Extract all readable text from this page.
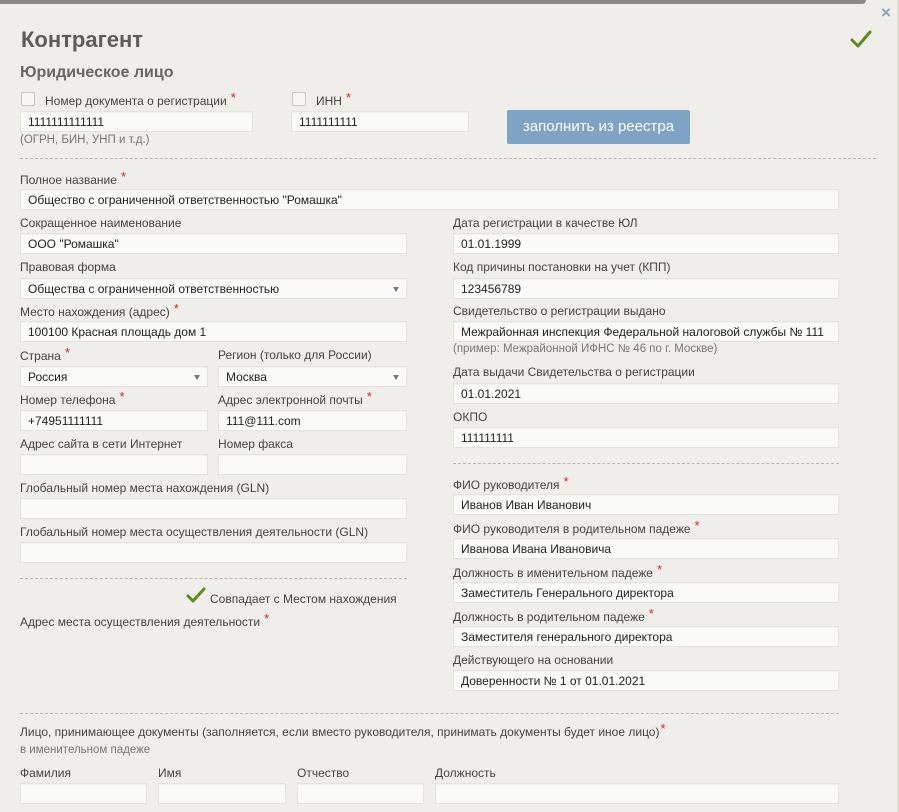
×
Контрагент
Юридическое лицо
Номер документа о регистрации *
1111111111111
(ОГРН, БИН, УНП и т.д.)
ИНН *
1111111111	заполнить из реестра
Полное название *
Общество с ограниченной ответственностью "Ромашка"
Сокращенное наименование
ООО "Ромашка"
Правовая форма
Общества с ограниченной ответственностью
Место нахождения (адрес) *
100100 Красная площадь дом 1
Страна *
Россия
Регион (только для России)
Москва
Номер телефона *
+74951111111
Адрес электронной почты *
111@111.com
Адрес сайта в сети Интернет	Номер факса
Глобальный номер места нахождения (GLN)
Глобальный номер места осуществления деятельности (GLN)
Совпадает с Местом нахождения
Адрес места осуществления деятельности *
Дата регистрации в качестве ЮЛ
01.01.1999
Код причины постановки на учет (КПП)
123456789
Свидетельство о регистрации выдано
Межрайонная инспекция Федеральной налоговой службы № 111
(пример: Межрайонной ИФНС № 46 по г. Москве)
Дата выдачи Свидетельства о регистрации
01.01.2021
ОКПО
111111111
ФИО руководителя *
Иванов Иван Иванович
ФИО руководителя в родительном падеже *
Иванова Ивана Ивановича
Должность в именительном падеже *
Заместитель Генерального директора
Должность в родительном падеже *
Заместителя генерального директора
Действующего на основании
Доверенности № 1 от 01.01.2021
Лицо, принимающее документы (заполняется, если вместо руководителя, принимать документы будет иное лицо)*
в именительном падеже
Фамилия	Имя	Отчество	Должность
